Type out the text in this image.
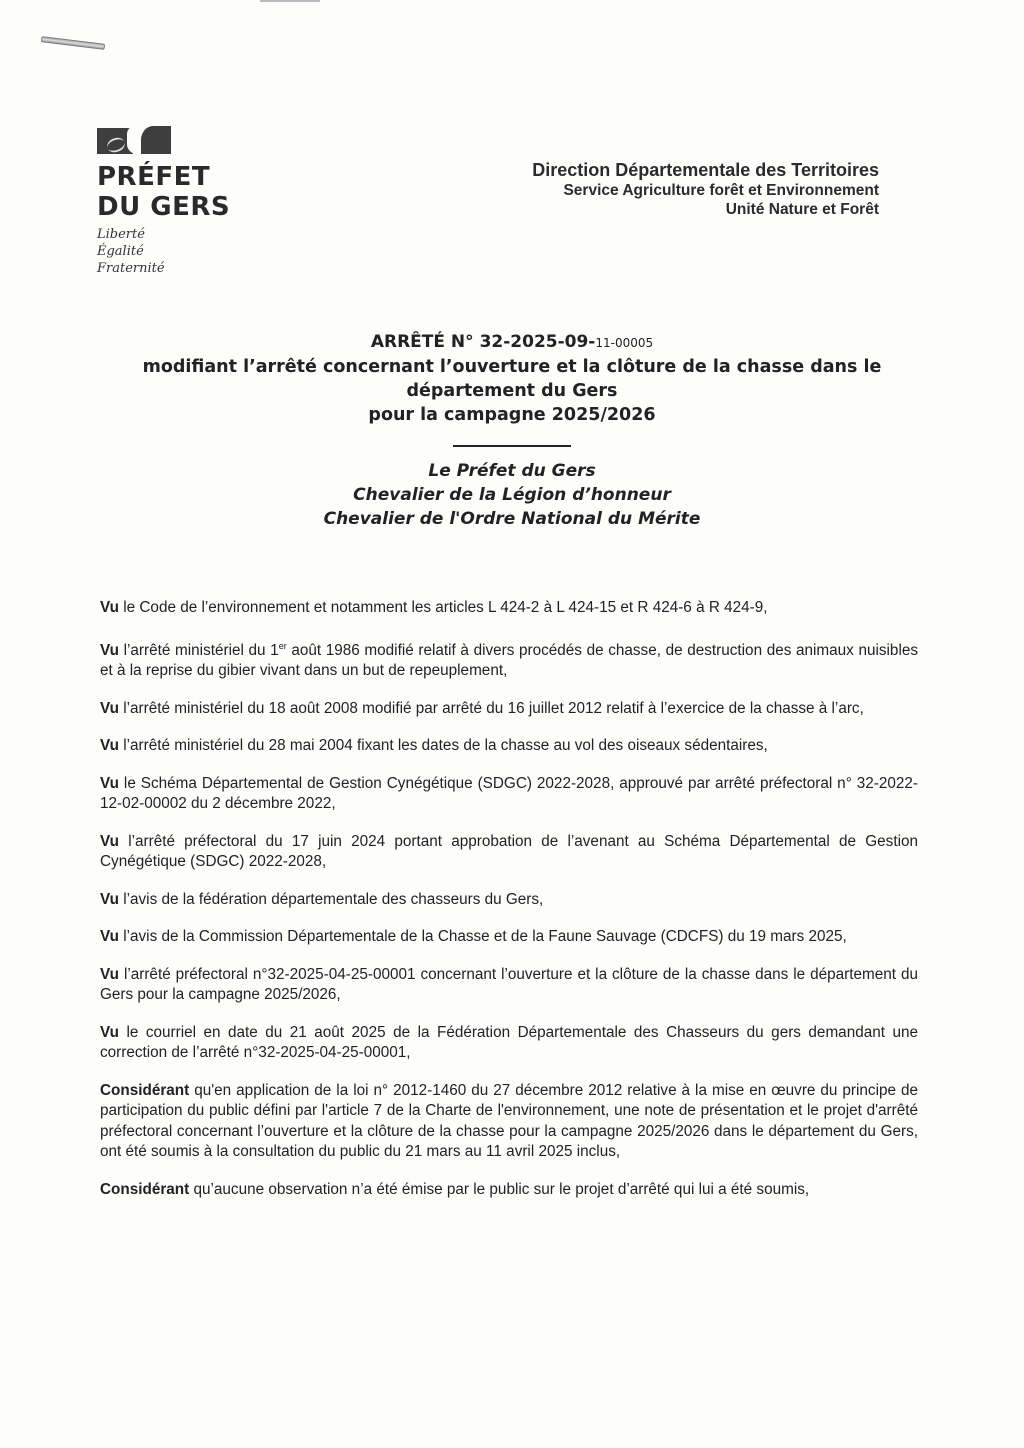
PRÉFET
DU GERS
Liberté
Égalité
Fraternité
Direction Départementale des Territoires
Service Agriculture forêt et Environnement
Unité Nature et Forêt
ARRÊTÉ N° 32-2025-09-11-00005
modifiant l’arrêté concernant l’ouverture et la clôture de la chasse dans le
département du Gers
pour la campagne 2025/2026
Le Préfet du Gers
Chevalier de la Légion d’honneur
Chevalier de l'Ordre National du Mérite

Vu le Code de l’environnement et notamment les articles L 424-2 à L 424-15 et R 424-6 à R 424-9,

Vu l’arrêté ministériel du 1er août 1986 modifié relatif à divers procédés de chasse, de destruction des animaux nuisibles et à la reprise du gibier vivant dans un but de repeuplement,

Vu l’arrêté ministériel du 18 août 2008 modifié par arrêté du 16 juillet 2012 relatif à l’exercice de la chasse à l’arc,

Vu l’arrêté ministériel du 28 mai 2004 fixant les dates de la chasse au vol des oiseaux sédentaires,

Vu le Schéma Départemental de Gestion Cynégétique (SDGC) 2022-2028, approuvé par arrêté préfectoral n° 32-2022-12-02-00002 du 2 décembre 2022,

Vu l’arrêté préfectoral du 17 juin 2024 portant approbation de l’avenant au Schéma Départemental de Gestion Cynégétique (SDGC) 2022-2028,

Vu l’avis de la fédération départementale des chasseurs du Gers,

Vu l’avis de la Commission Départementale de la Chasse et de la Faune Sauvage (CDCFS) du 19 mars 2025,

Vu l’arrêté préfectoral n°32-2025-04-25-00001 concernant l’ouverture et la clôture de la chasse dans le département du Gers pour la campagne 2025/2026,

Vu le courriel en date du 21 août 2025 de la Fédération Départementale des Chasseurs du gers demandant une correction de l’arrêté n°32-2025-04-25-00001,

Considérant qu'en application de la loi n° 2012-1460 du 27 décembre 2012 relative à la mise en œuvre du principe de participation du public défini par l'article 7 de la Charte de l'environnement, une note de présentation et le projet d'arrêté préfectoral concernant l’ouverture et la clôture de la chasse pour la campagne 2025/2026 dans le département du Gers, ont été soumis à la consultation du public du 21 mars au 11 avril 2025 inclus,

Considérant qu’aucune observation n’a été émise par le public sur le projet d’arrêté qui lui a été soumis,
